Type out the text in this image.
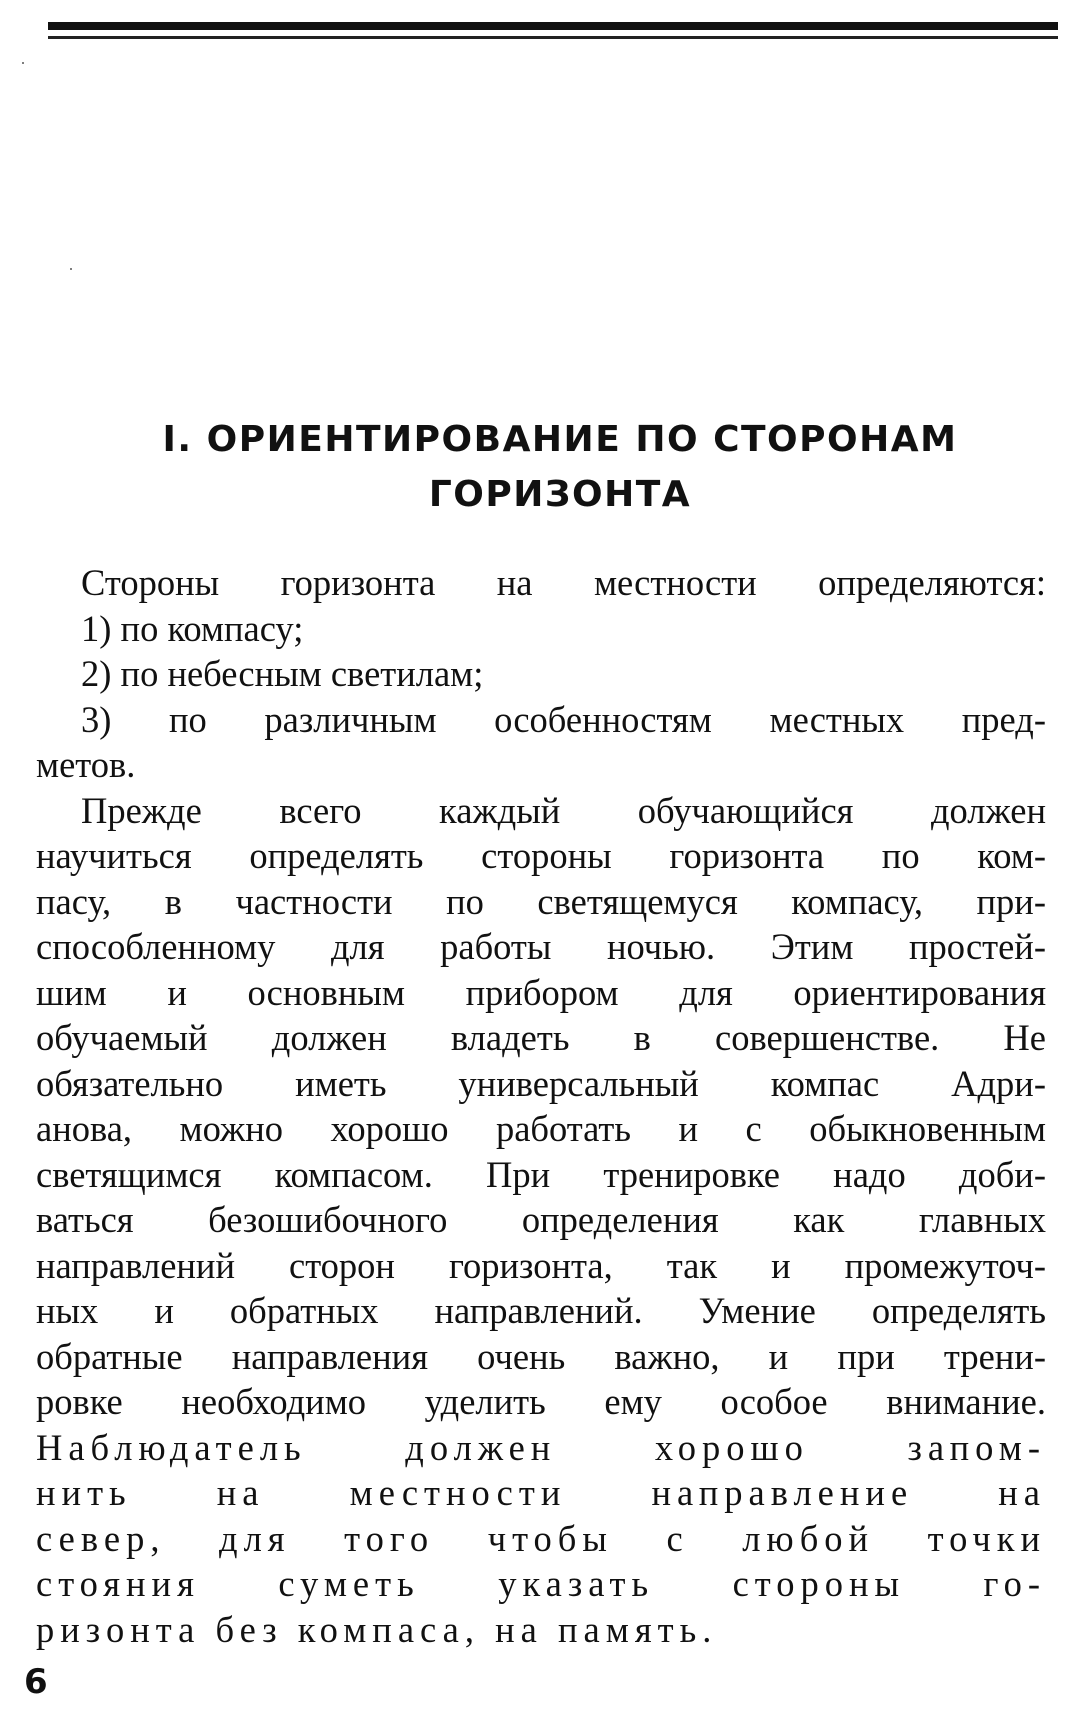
I. ОРИЕНТИРОВАНИЕ ПО СТОРОНАМ
ГОРИЗОНТА
Стороны горизонта на местности определяются:
1) по компасу;
2) по небесным светилам;
3) по различным особенностям местных пред-
метов.
Прежде всего каждый обучающийся должен
научиться определять стороны горизонта по ком-
пасу, в частности по светящемуся компасу, при-
способленному для работы ночью. Этим простей-
шим и основным прибором для ориентирования
обучаемый должен владеть в совершенстве. Не
обязательно иметь универсальный компас Адри-
анова, можно хорошо работать и с обыкновенным
светящимся компасом. При тренировке надо доби-
ваться безошибочного определения как главных
направлений сторон горизонта, так и промежуточ-
ных и обратных направлений. Умение определять
обратные направления очень важно, и при трени-
ровке необходимо уделить ему особое внимание.
Наблюдатель должен хорошо запом-
нить на местности направление на
север, для того чтобы с любой точки
стояния суметь указать стороны го-
ризонта без компаса, на память.

6
